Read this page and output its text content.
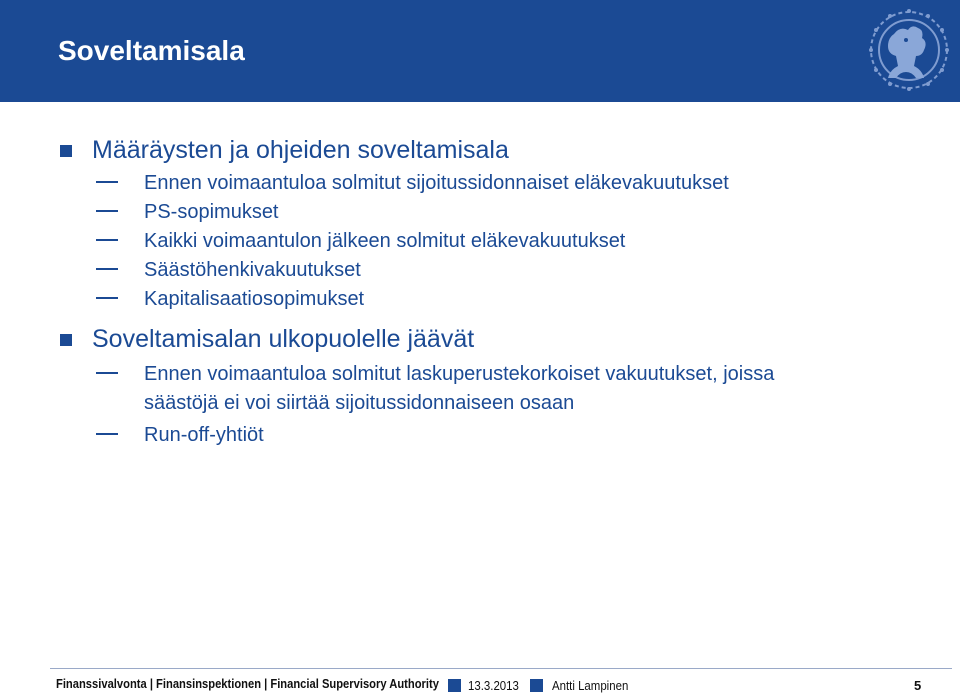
Soveltamisala
Määräysten ja ohjeiden soveltamisala
Ennen voimaantuloa solmitut sijoitussidonnaiset eläkevakuutukset
PS-sopimukset
Kaikki voimaantulon jälkeen solmitut eläkevakuutukset
Säästöhenkivakuutukset
Kapitalisaatiosopimukset
Soveltamisalan ulkopuolelle jäävät
Ennen voimaantuloa solmitut laskuperustekorkoiset vakuutukset, joissa
säästöjä ei voi siirtää sijoitussidonnaiseen osaan
Run-off-yhtiöt
Finanssivalvonta | Finansinspektionen | Financial Supervisory Authority 13.3.2013	Antti Lampinen	5
